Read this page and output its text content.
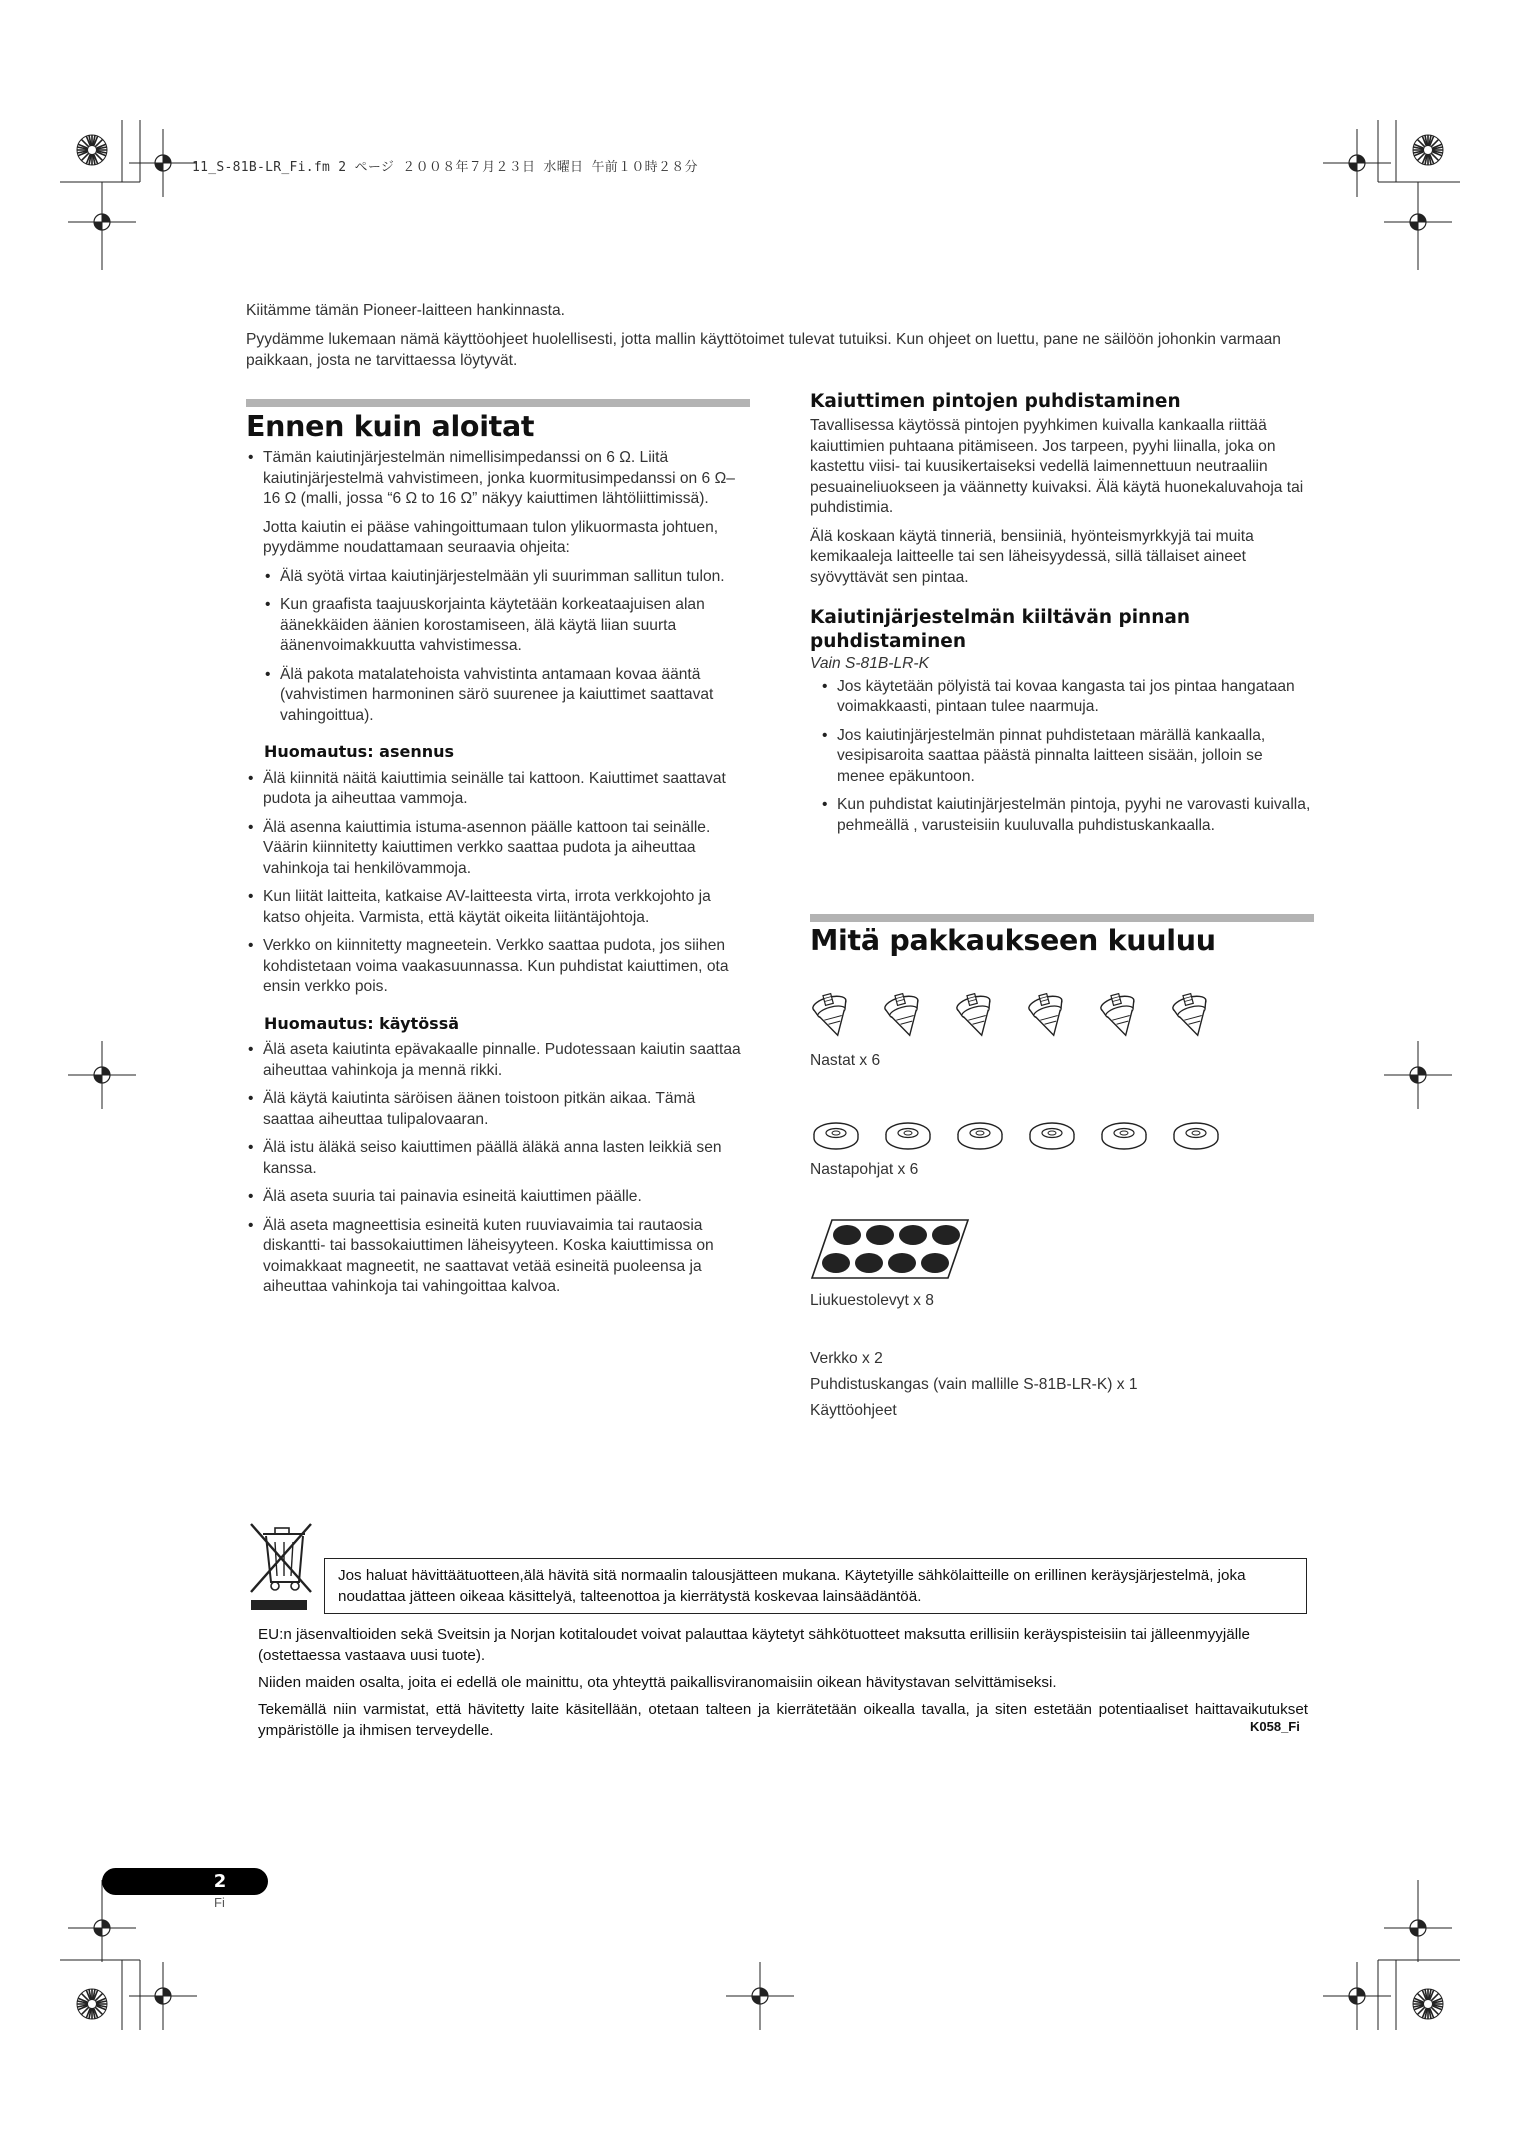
11_S-81B-LR_Fi.fm 2 ページ ２００８年７月２３日 水曜日 午前１０時２８分

Kiitämme tämän Pioneer-laitteen hankinnasta.

Pyydämme lukemaan nämä käyttöohjeet huolellisesti, jotta mallin käyttötoimet tulevat tutuiksi. Kun ohjeet on luettu, pane ne säilöön johonkin varmaan paikkaan, josta ne tarvittaessa löytyvät.

Ennen kuin aloitat
• Tämän kaiutinjärjestelmän nimellisimpedanssi on 6 Ω. Liitä kaiutinjärjestelmä vahvistimeen, jonka kuormitusimpedanssi on 6 Ω–16 Ω (malli, jossa “6 Ω to 16 Ω” näkyy kaiuttimen lähtöliittimissä).

Jotta kaiutin ei pääse vahingoittumaan tulon ylikuormasta johtuen, pyydämme noudattamaan seuraavia ohjeita:

• Älä syötä virtaa kaiutinjärjestelmään yli suurimman sallitun tulon.
• Kun graafista taajuuskorjainta käytetään korkeataajuisen alan äänekkäiden äänien korostamiseen, älä käytä liian suurta äänenvoimakkuutta vahvistimessa.
• Älä pakota matalatehoista vahvistinta antamaan kovaa ääntä (vahvistimen harmoninen särö suurenee ja kaiuttimet saattavat vahingoittua).
Huomautus: asennus
• Älä kiinnitä näitä kaiuttimia seinälle tai kattoon. Kaiuttimet saattavat pudota ja aiheuttaa vammoja.
• Älä asenna kaiuttimia istuma-asennon päälle kattoon tai seinälle. Väärin kiinnitetty kaiuttimen verkko saattaa pudota ja aiheuttaa vahinkoja tai henkilövammoja.
• Kun liität laitteita, katkaise AV-laitteesta virta, irrota verkkojohto ja katso ohjeita. Varmista, että käytät oikeita liitäntäjohtoja.
• Verkko on kiinnitetty magneetein. Verkko saattaa pudota, jos siihen kohdistetaan voima vaakasuunnassa. Kun puhdistat kaiuttimen, ota ensin verkko pois.
Huomautus: käytössä
• Älä aseta kaiutinta epävakaalle pinnalle. Pudotessaan kaiutin saattaa aiheuttaa vahinkoja ja mennä rikki.
• Älä käytä kaiutinta säröisen äänen toistoon pitkän aikaa. Tämä saattaa aiheuttaa tulipalovaaran.
• Älä istu äläkä seiso kaiuttimen päällä äläkä anna lasten leikkiä sen kanssa.
• Älä aseta suuria tai painavia esineitä kaiuttimen päälle.
• Älä aseta magneettisia esineitä kuten ruuviavaimia tai rautaosia diskantti- tai bassokaiuttimen läheisyyteen. Koska kaiuttimissa on voimakkaat magneetit, ne saattavat vetää esineitä puoleensa ja aiheuttaa vahinkoja tai vahingoittaa kalvoa.
Kaiuttimen pintojen puhdistaminen

Tavallisessa käytössä pintojen pyyhkimen kuivalla kankaalla riittää kaiuttimien puhtaana pitämiseen. Jos tarpeen, pyyhi liinalla, joka on kastettu viisi- tai kuusikertaiseksi vedellä laimennettuun neutraaliin pesuaineliuokseen ja väännetty kuivaksi. Älä käytä huonekaluvahoja tai puhdistimia.

Älä koskaan käytä tinneriä, bensiiniä, hyönteismyrkkyjä tai muita kemikaaleja laitteelle tai sen läheisyydessä, sillä tällaiset aineet syövyttävät sen pintaa.

Kaiutinjärjestelmän kiiltävän pinnan puhdistaminen
Vain S-81B-LR-K
• Jos käytetään pölyistä tai kovaa kangasta tai jos pintaa hangataan voimakkaasti, pintaan tulee naarmuja.
• Jos kaiutinjärjestelmän pinnat puhdistetaan märällä kankaalla, vesipisaroita saattaa päästä pinnalta laitteen sisään, jolloin se menee epäkuntoon.
• Kun puhdistat kaiutinjärjestelmän pintoja, pyyhi ne varovasti kuivalla, pehmeällä , varusteisiin kuuluvalla puhdistuskankaalla.
Mitä pakkaukseen kuuluu
Nastat x 6
Nastapohjat x 6
Liukuestolevyt x 8
Verkko x 2
Puhdistuskangas (vain mallille S-81B-LR-K) x 1
Käyttöohjeet
Jos haluat hävittäätuotteen,älä hävitä sitä normaalin talousjätteen mukana. Käytetyille sähkölaitteille on erillinen keräysjärjestelmä, joka noudattaa jätteen oikeaa käsittelyä, talteenottoa ja kierrätystä koskevaa lainsäädäntöä.

EU:n jäsenvaltioiden sekä Sveitsin ja Norjan kotitaloudet voivat palauttaa käytetyt sähkötuotteet maksutta erillisiin keräyspisteisiin tai jälleenmyyjälle (ostettaessa vastaava uusi tuote).

Niiden maiden osalta, joita ei edellä ole mainittu, ota yhteyttä paikallisviranomaisiin oikean hävitystavan selvittämiseksi.

Tekemällä niin varmistat, että hävitetty laite käsitellään, otetaan talteen ja kierrätetään oikealla tavalla, ja siten estetään potentiaaliset haittavaikutukset ympäristölle ja ihmisen terveydelle.	K058_Fi
2
Fi
